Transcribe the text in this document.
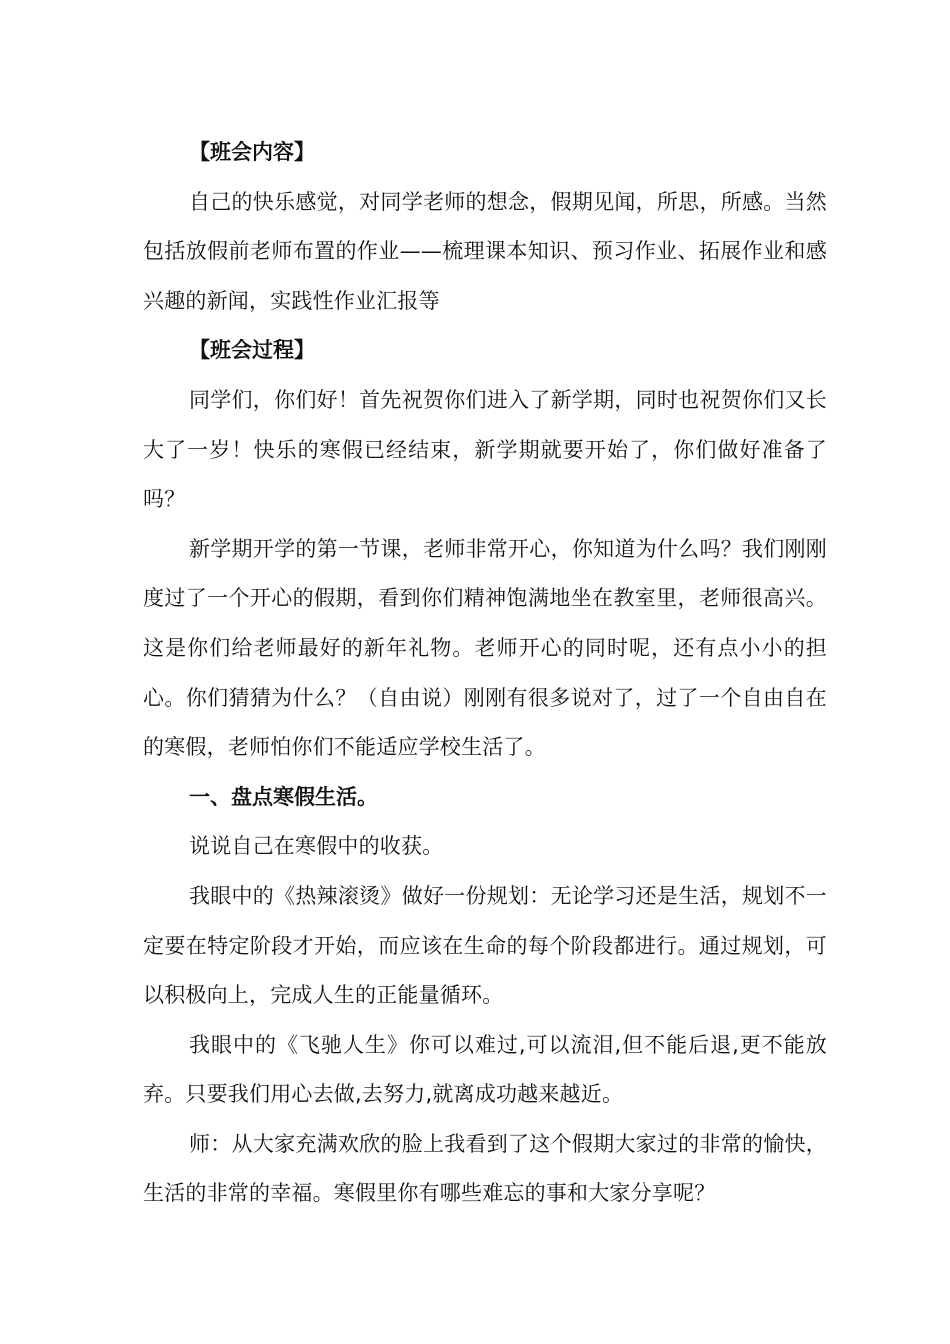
【班会内容】

自己的快乐感觉，对同学老师的想念，假期见闻，所思，所感。当然包括放假前老师布置的作业——梳理课本知识、预习作业、拓展作业和感兴趣的新闻，实践性作业汇报等

【班会过程】

同学们，你们好！首先祝贺你们进入了新学期，同时也祝贺你们又长大了一岁！快乐的寒假已经结束，新学期就要开始了，你们做好准备了吗？

新学期开学的第一节课，老师非常开心，你知道为什么吗？我们刚刚度过了一个开心的假期，看到你们精神饱满地坐在教室里，老师很高兴。这是你们给老师最好的新年礼物。老师开心的同时呢，还有点小小的担心。你们猜猜为什么？（自由说）刚刚有很多说对了，过了一个自由自在的寒假，老师怕你们不能适应学校生活了。

一、盘点寒假生活。

说说自己在寒假中的收获。

我眼中的《热辣滚烫》做好一份规划：无论学习还是生活，规划不一定要在特定阶段才开始，而应该在生命的每个阶段都进行。通过规划，可以积极向上，完成人生的正能量循环。

我眼中的《飞驰人生》你可以难过,可以流泪,但不能后退,更不能放弃。只要我们用心去做,去努力,就离成功越来越近。

师：从大家充满欢欣的脸上我看到了这个假期大家过的非常的愉快，生活的非常的幸福。寒假里你有哪些难忘的事和大家分享呢？
